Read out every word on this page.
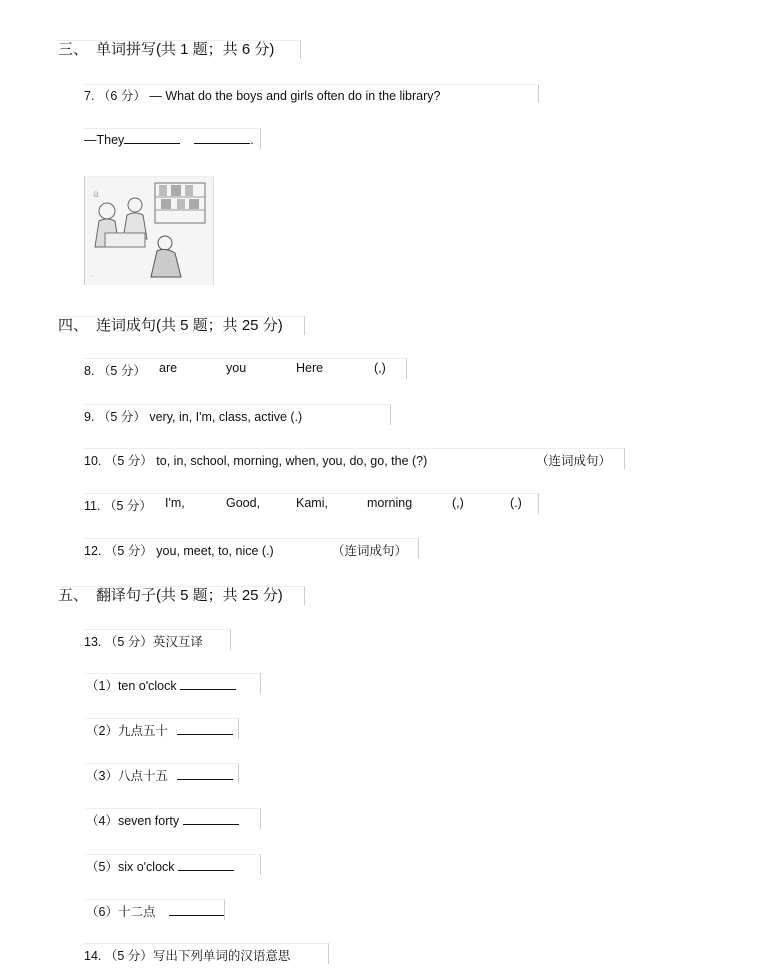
三、 单词拼写(共 1 题；共 6 分)
7. （6 分） — What do the boys and girls often do in the library?
—They	.
a
.
四、 连词成句(共 5 题；共 25 分)
8. （5 分） are	you	Here	(,)
9. （5 分） very, in, I'm, class, active (.)
10. （5 分） to, in, school, morning, when, you, do, go, the (?)	（连词成句）
11. （5 分）	Good,	Kami,	morning	(,)	(.)
I'm,
12. （5 分） you, meet, to, nice (.)	（连词成句）
五、 翻译句子(共 5 题；共 25 分)
13. （5 分）英汉互译
（1）ten o'clock
（2）九点五十
（3）八点十五
（4）seven forty
（5）six o'clock
（6）十二点
14. （5 分）写出下列单词的汉语意思
